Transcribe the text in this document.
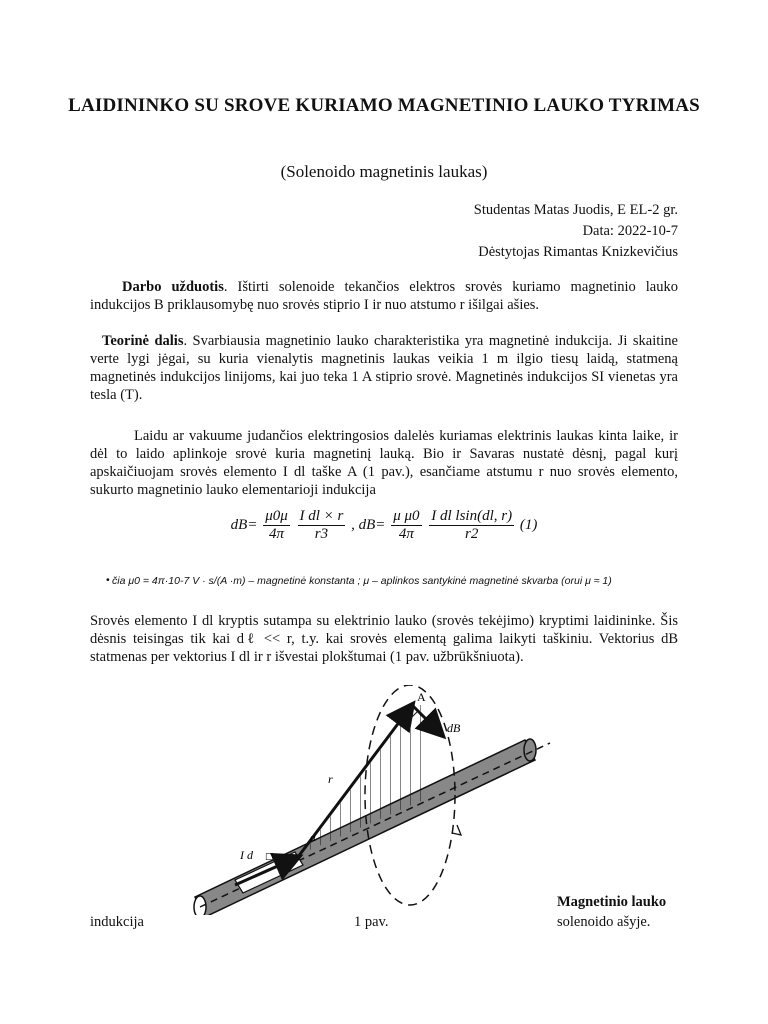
LAIDININKO SU SROVE KURIAMO MAGNETINIO LAUKO TYRIMAS
(Solenoido magnetinis laukas)
Studentas Matas Juodis, E EL-2 gr.
Data: 2022-10-7
Dėstytojas Rimantas Knizkevičius
Darbo užduotis. Ištirti solenoide tekančios elektros srovės kuriamo magnetinio lauko indukcijos B priklausomybę nuo srovės stiprio I ir nuo atstumo r išilgai ašies.
Teorinė dalis. Svarbiausia magnetinio lauko charakteristika yra magnetinė indukcija. Ji skaitine verte lygi jėgai, su kuria vienalytis magnetinis laukas veikia 1 m ilgio tiesų laidą, statmeną magnetinės indukcijos linijoms, kai juo teka 1 A stiprio srovė. Magnetinės indukcijos SI vienetas yra tesla (T).
Laidu ar vakuume judančios elektringosios dalelės kuriamas elektrinis laukas kinta laike, ir dėl to laido aplinkoje srovė kuria magnetinį lauką. Bio ir Savaras nustatė dėsnį, pagal kurį apskaičiuojam srovės elemento I dl taške A (1 pav.), esančiame atstumu r nuo srovės elemento, sukurto magnetinio lauko elementarioji indukcija
$dB= \frac{\mu 0\mu}{4\pi}$
$\frac{\text{I dl × r}}{r3}$ , $dB= \frac{\text{μ μ0}}{4\pi}$
$\frac{\text{I dl lsin(dl, r)}}{r2} (1)$
• čia μ0 = 4π·10-7 V · s/(A ·m) – magnetinė konstanta ; μ – aplinkos santykinė magnetinė skvarba (orui μ ≈ 1)
Srovės elemento I dl kryptis sutampa su elektrinio lauko (srovės tekėjimo) kryptimi laidininke. Šis dėsnis teisingas tik kai dℓ << r, t.y. kai srovės elementą galima laikyti taškiniu. Vektorius dB statmenas per vektorius I dl ir r išvestai plokštumai (1 pav. užbrūkšniuota).
A
dB
r
α
I d □
Magnetinio lauko
indukcija	1 pav.	solenoido ašyje.
